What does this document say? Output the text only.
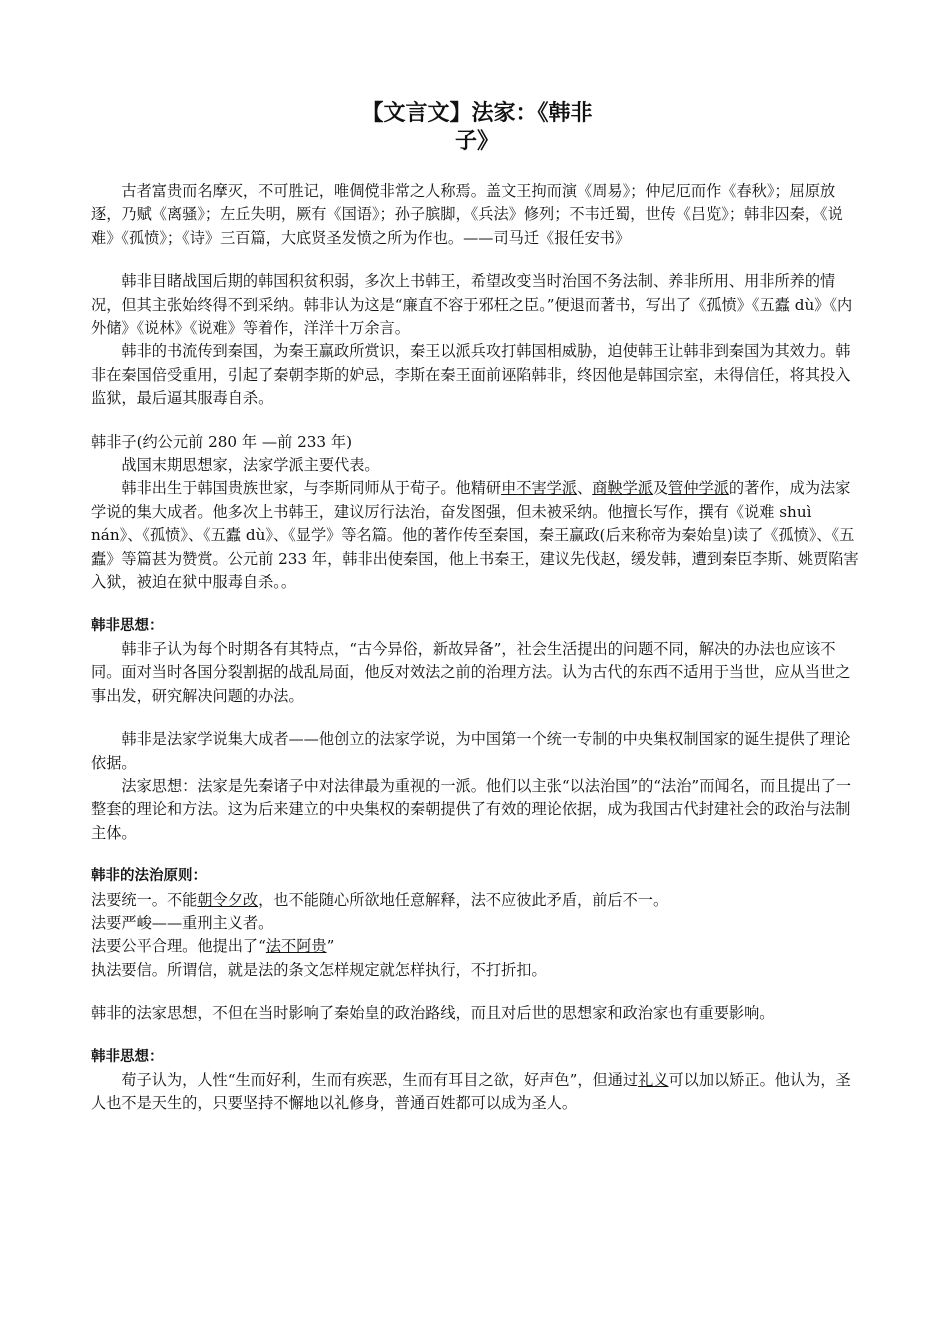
【文言文】法家：《韩非
子》

古者富贵而名摩灭，不可胜记，唯倜傥非常之人称焉。盖文王拘而演《周易》；仲尼厄而作《春秋》；屈原放逐，乃赋《离骚》；左丘失明，厥有《国语》；孙子膑脚，《兵法》修列；不韦迁蜀，世传《吕览》；韩非囚秦，《说难》《孤愤》；《诗》三百篇，大底贤圣发愤之所为作也。——司马迁《报任安书》

韩非目睹战国后期的韩国积贫积弱，多次上书韩王，希望改变当时治国不务法制、养非所用、用非所养的情况，但其主张始终得不到采纳。韩非认为这是“廉直不容于邪枉之臣。”便退而著书，写出了《孤愤》《五蠹 dù》《内外储》《说林》《说难》等着作，洋洋十万余言。

韩非的书流传到秦国，为秦王赢政所赏识，秦王以派兵攻打韩国相威胁，迫使韩王让韩非到秦国为其效力。韩非在秦国倍受重用，引起了秦朝李斯的妒忌，李斯在秦王面前诬陷韩非，终因他是韩国宗室，未得信任，将其投入监狱，最后逼其服毒自杀。

韩非子(约公元前 280 年 —前 233 年)

战国末期思想家，法家学派主要代表。

韩非出生于韩国贵族世家，与李斯同师从于荀子。他精研申不害学派、商鞅学派及管仲学派的著作，成为法家学说的集大成者。他多次上书韩王，建议厉行法治，奋发图强，但未被采纳。他擅长写作，撰有《说难 shuì nán》、《孤愤》、《五蠹 dù》、《显学》等名篇。他的著作传至秦国，秦王赢政(后来称帝为秦始皇)读了《孤愤》、《五蠹》等篇甚为赞赏。公元前 233 年，韩非出使秦国，他上书秦王，建议先伐赵，缓发韩，遭到秦臣李斯、姚贾陷害入狱，被迫在狱中服毒自杀。。

韩非思想：

韩非子认为每个时期各有其特点，“古今异俗，新故异备”，社会生活提出的问题不同，解决的办法也应该不同。面对当时各国分裂割据的战乱局面，他反对效法之前的治理方法。认为古代的东西不适用于当世，应从当世之事出发，研究解决问题的办法。

韩非是法家学说集大成者——他创立的法家学说，为中国第一个统一专制的中央集权制国家的诞生提供了理论依据。

法家思想：法家是先秦诸子中对法律最为重视的一派。他们以主张“以法治国”的“法治”而闻名，而且提出了一整套的理论和方法。这为后来建立的中央集权的秦朝提供了有效的理论依据，成为我国古代封建社会的政治与法制主体。

韩非的法治原则：

法要统一。不能朝令夕改，也不能随心所欲地任意解释，法不应彼此矛盾，前后不一。

法要严峻——重刑主义者。

法要公平合理。他提出了“法不阿贵”

执法要信。所谓信，就是法的条文怎样规定就怎样执行，不打折扣。

韩非的法家思想，不但在当时影响了秦始皇的政治路线，而且对后世的思想家和政治家也有重要影响。

韩非思想：

荀子认为，人性“生而好利，生而有疾恶，生而有耳目之欲，好声色”，但通过礼义可以加以矫正。他认为，圣人也不是天生的，只要坚持不懈地以礼修身，普通百姓都可以成为圣人。
